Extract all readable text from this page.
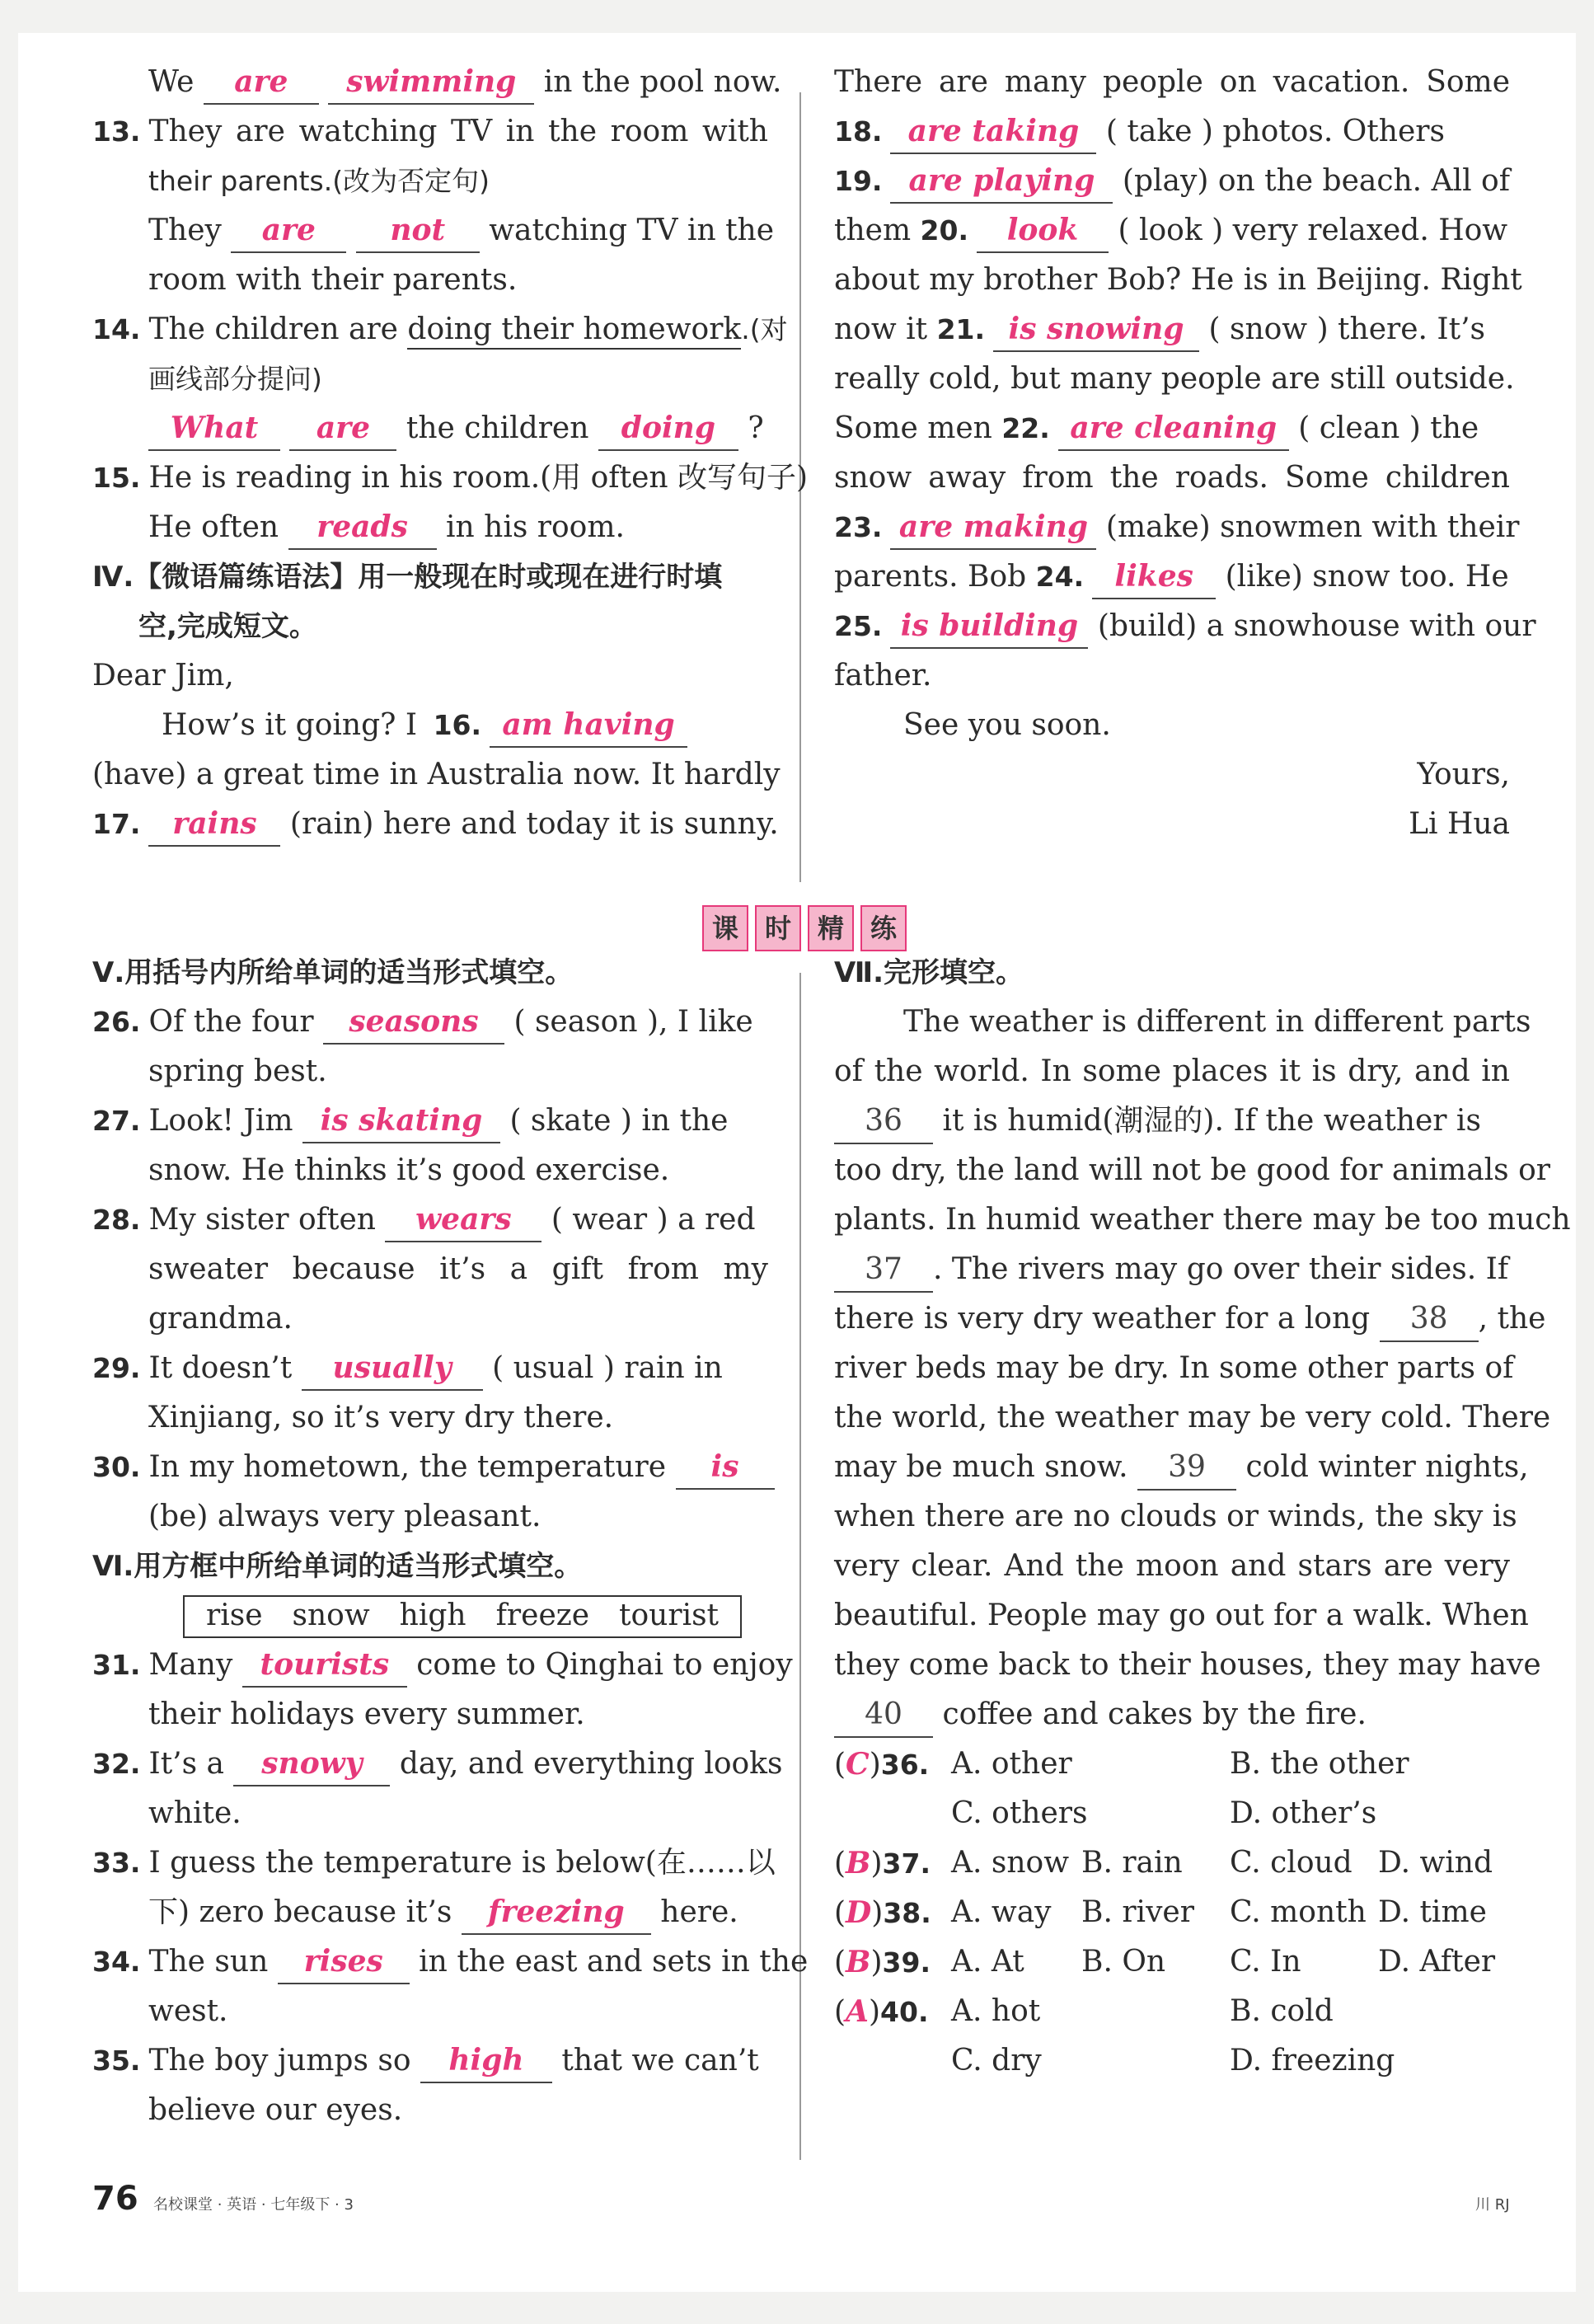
We are swimming in the pool now.
13. They are watching TV in the room with
their parents.(改为否定句)
They are	not watching TV in the
room with their parents.
14. The children are doing their homework.(对
画线部分提问)
What are the children doing ?
15. He is reading in his room.(用 often 改写句子)
He often reads in his room.
Ⅳ.【微语篇练语法】用一般现在时或现在进行时填
空,完成短文。
Dear Jim,
How’s it going? I 16. am having
(have) a great time in Australia now. It hardly
17. rains (rain) here and today it is sunny.
There are many people on vacation. Some
18. are taking ( take ) photos. Others
19. are playing (play) on the beach. All of
them 20. look ( look ) very relaxed. How
about my brother Bob? He is in Beijing. Right
now it 21. is snowing ( snow ) there. It’s
really cold, but many people are still outside.
Some men 22. are cleaning ( clean ) the
snow away from the roads. Some children
23. are making (make) snowmen with their
parents. Bob 24. likes (like) snow too. He
25. is building (build) a snowhouse with our
father.
See you soon.
Yours,
Li Hua
课 时 精 练
Ⅴ.用括号内所给单词的适当形式填空。
26. Of the four seasons ( season ), I like
spring best.
27. Look! Jim is skating ( skate ) in the
snow. He thinks it’s good exercise.
28. My sister often wears ( wear ) a red
sweater because it’s a gift from my
grandma.
29. It doesn’t usually ( usual ) rain in
Xinjiang, so it’s very dry there.
30. In my hometown, the temperature is
(be) always very pleasant.
Ⅵ.用方框中所给单词的适当形式填空。
rise snow high freeze tourist
31. Many tourists come to Qinghai to enjoy
their holidays every summer.
32. It’s a snowy day, and everything looks
white.
33. I guess the temperature is below(在……以
下) zero because it’s freezing here.
34. The sun rises in the east and sets in the
west.
35. The boy jumps so high that we can’t
believe our eyes.
Ⅶ.完形填空。
The weather is different in different parts
of the world. In some places it is dry, and in
36 it is humid(潮湿的). If the weather is
too dry, the land will not be good for animals or
plants. In humid weather there may be too much
37 . The rivers may go over their sides. If
there is very dry weather for a long 38 , the
river beds may be dry. In some other parts of
the world, the weather may be very cold. There
may be much snow. 39 cold winter nights,
when there are no clouds or winds, the sky is
very clear. And the moon and stars are very
beautiful. People may go out for a walk. When
they come back to their houses, they may have
40 coffee and cakes by the fire.
(C)36. A. other	B. the other
C. others	D. other’s
(B)37. A. snow B. rain C. cloud D. wind
(D)38. A. way B. river C. month D. time
(B)39. A. At B. On C. In	D. After
(A)40. A. hot	B. cold
C. dry	D. freezing
76 名校课堂 · 英语 · 七年级下 · 3	川 RJ
